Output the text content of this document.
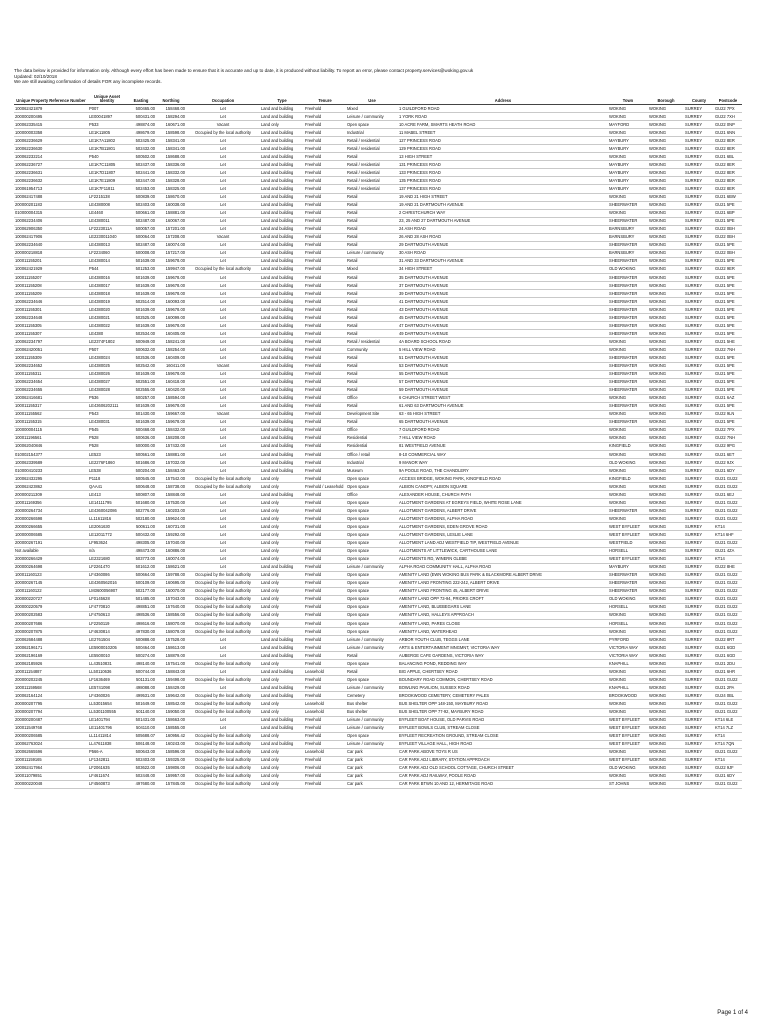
The data below is provided for information only. Although every effort has been made to ensure that it is accurate and up to date, it is produced without liability. To report an error, please contact property.services@woking.gov.uk
Updated: 02/10/2018
We are still awaiting confirmation of details FOR any incomplete records.
Unique Property Reference Number	Unique Asset Identity	Easting	Northing	Occupation	Type	Tenure	Use	Address	Town	Borough	County	Postcode
100062421879	P007	500465.00	158468.00	Let	Land and building	Freehold	Mixed	1 GUILDFORD ROAD	WOKING	WOKING	SURREY	GU22 7PX
200000200495	LE00041897	500431.00	158294.00	Let	Land and building	Freehold	Leisure / community	1 YORK ROAD	WOKING	WOKING	SURREY	GU22 7XH
100062335415	P533	498874.00	160671.00	Vacant	Land only	Freehold	Open space	10 ACRE FARM, SMARTS HEATH ROAD	MAYFORD	WOKING	SURREY	GU22 0NP
100000003358	LE1K11805	498679.00	158598.00	Occupied by the local authority	Land and building	Freehold	Industrial	11 MABEL STREET	WOKING	WOKING	SURREY	GU21 6NN
100062236629	LE1K7A11802	502425.00	158341.00	Let	Land and building	Freehold	Retail / residential	127 PRINCESS ROAD	MAYBURY	WOKING	SURREY	GU22 8ER
100062236630	LE1K7B11801	502432.00	158341.00	Let	Land and building	Freehold	Retail / residential	129 PRINCESS ROAD	MAYBURY	WOKING	SURREY	GU22 8ER
100062232214	P540	500502.00	158688.00	Let	Land and building	Freehold	Retail	13 HIGH STREET	WOKING	WOKING	SURREY	GU21 6BL
100062236727	LE1K7C11805	502437.00	158336.00	Let	Land and building	Freehold	Retail / residential	131 PRINCESS ROAD	MAYBURY	WOKING	SURREY	GU22 8ER
100062236631	LE1K7D11807	502441.00	158332.00	Let	Land and building	Freehold	Retail / residential	133 PRINCESS ROAD	MAYBURY	WOKING	SURREY	GU22 8ER
100062236632	LE1K7E11809	502447.00	158328.00	Let	Land and building	Freehold	Retail / residential	135 PRINCESS ROAD	MAYBURY	WOKING	SURREY	GU22 8ER
100061954713	LE1K7F11811	502453.00	158325.00	Let	Land and building	Freehold	Retail / residential	137 PRINCESS ROAD	MAYBURY	WOKING	SURREY	GU22 8ER
100062417488	LF2215138	500839.00	158670.00	Let	Land and building	Freehold	Retail	19 AND 21 HIGH STREET	WOKING	WOKING	SURREY	GU21 6BW
200000201183	LE4380008	502403.00	160038.00	Let	Land and building	Freehold	Retail	19 AND 21 DARTMOUTH AVENUE	SHEERWATER	WOKING	SURREY	GU21 5PE
010000004315	LE4460	500661.00	158881.00	Let	Land and building	Freehold	Retail	2 CHRISTCHURCH WAY	WOKING	WOKING	SURREY	GU21 6BP
100062234406	LE4380011	502487.00	160067.00	Let	Land and building	Freehold	Retail	23, 25 AND 27 DARTMOUTH AVENUE	SHEERWATER	WOKING	SURREY	GU21 5PE
100062906350	LF2223011A	500057.00	157201.00	Let	Land and building	Freehold	Retail	24 ASH ROAD	BARNSBURY	WOKING	SURREY	GU22 0BH
100062417906	LE2230011040	500064.00	157208.00	Vacant	Land and building	Freehold	Retail	26 AND 28 ASH ROAD	BARNSBURY	WOKING	SURREY	GU22 0BH
100062234640	LE4380013	502487.00	160074.00	Let	Land and building	Freehold	Retail	29 DARTMOUTH AVENUE	SHEERWATER	WOKING	SURREY	GU21 5PE
200000218818	LF2234060	500008.00	157217.00	Let	Land and building	Freehold	Leisure / community	30 ASH ROAD	BARNSBURY	WOKING	SURREY	GU22 0BH
100011155201	LE4380014	501639.00	159678.00	Let	Land and building	Freehold	Retail	31 AND 33 DARTMOUTH AVENUE	SHEERWATER	WOKING	SURREY	GU21 5PE
100062421929	P544	501253.00	159947.00	Occupied by the local authority	Land and building	Freehold	Mixed	34 HIGH STREET	OLD WOKING	WOKING	SURREY	GU22 9ER
100011155207	LE4380016	501639.00	159678.00	Let	Land and building	Freehold	Retail	35 DARTMOUTH AVENUE	SHEERWATER	WOKING	SURREY	GU21 5PE
100011155208	LE4380017	501639.00	159678.00	Let	Land and building	Freehold	Retail	37 DARTMOUTH AVENUE	SHEERWATER	WOKING	SURREY	GU21 5PE
100011155209	LE4380018	501639.00	159678.00	Let	Land and building	Freehold	Retail	39 DARTMOUTH AVENUE	SHEERWATER	WOKING	SURREY	GU21 5PE
100062234646	LE4380019	502514.00	160093.00	Let	Land and building	Freehold	Retail	41 DARTMOUTH AVENUE	SHEERWATER	WOKING	SURREY	GU21 5PE
100011155301	LE4380020	501639.00	159678.00	Let	Land and building	Freehold	Retail	43 DARTMOUTH AVENUE	SHEERWATER	WOKING	SURREY	GU21 5PE
100062234648	LE4380021	502525.00	160099.00	Let	Land and building	Freehold	Retail	45 DARTMOUTH AVENUE	SHEERWATER	WOKING	SURREY	GU21 5PE
100011155305	LE4380022	501639.00	159678.00	Let	Land and building	Freehold	Retail	47 DARTMOUTH AVENUE	SHEERWATER	WOKING	SURREY	GU21 5PE
100011155307	LE4380	502534.00	160405.00	Let	Land and building	Freehold	Retail	49 DARTMOUTH AVENUE	SHEERWATER	WOKING	SURREY	GU21 5PE
100062234797	LE2374F1802	500949.00	158241.00	Let	Land and building	Freehold	Retail / residential	4A BOARD SCHOOL ROAD	WOKING	WOKING	SURREY	GU21 5HE
100062420051	P507	500632.00	158254.00	Let	Land and building	Freehold	Community	5 HILL VIEW ROAD	WOKING	WOKING	SURREY	GU22 7NH
100011155309	LE4380024	502536.00	160409.00	Let	Land and building	Freehold	Retail	51 DARTMOUTH AVENUE	SHEERWATER	WOKING	SURREY	GU21 5PE
100062234652	LE4380025	502542.00	160411.00	Vacant	Land and building	Freehold	Retail	53 DARTMOUTH AVENUE	SHEERWATER	WOKING	SURREY	GU21 5PE
100011155311	LE4380026	501639.00	159678.00	Let	Land and building	Freehold	Retail	55 DARTMOUTH AVENUE	SHEERWATER	WOKING	SURREY	GU21 5PE
100062234654	LE4380027	502551.00	160418.00	Let	Land and building	Freehold	Retail	57 DARTMOUTH AVENUE	SHEERWATER	WOKING	SURREY	GU21 5PE
100062234655	LE4380028	502555.00	160420.00	Let	Land and building	Freehold	Retail	59 DARTMOUTH AVENUE	SHEERWATER	WOKING	SURREY	GU21 5PE
100062416681	P536	500257.00	158594.00	Let	Land and building	Freehold	Office	6 CHURCH STREET WEST	WOKING	WOKING	SURREY	GU21 6AZ
100011155317	LE43606202111	501639.00	159678.00	Let	Land and building	Freehold	Retail	61 AND 63 DARTMOUTH AVENUE	SHEERWATER	WOKING	SURREY	GU21 5PE
100011155562	P543	501430.00	159667.00	Vacant	Land and building	Freehold	Development Site	63 - 65 HIGH STREET	WOKING	WOKING	SURREY	GU22 9LN
100011155315	LE4380031	501639.00	159678.00	Let	Land and building	Freehold	Retail	65 DARTMOUTH AVENUE	SHEERWATER	WOKING	SURREY	GU21 5PE
100000004115	P545	500468.00	158432.00	Let	Land and building	Freehold	Office	7 GUILDFORD ROAD	WOKING	WOKING	SURREY	GU22 7PX
100011196561	P528	500636.00	158208.00	Let	Land and building	Freehold	Residential	7 HILL VIEW ROAD	WOKING	WOKING	SURREY	GU22 7NH
100062040846	P528	500000.00	157432.00	Let	Land and building	Freehold	Residential	81 WESTFIELD AVENUE	KINGFIELD	WOKING	SURREY	GU22 9PG
010002154377	LE523	500561.00	158881.00	Let	Land and building	Freehold	Office / retail	8-10 COMMERCIAL WAY	WOKING	WOKING	SURREY	GU21 6ET
100062339589	LE2276F1860	501686.00	157032.00	Let	Land and building	Freehold	Industrial	9 MANOR WAY	OLD WOKING	WOKING	SURREY	GU22 9JX
010000410233	LE538	500204.00	158463.00	Let	Land and building	Freehold	Museum	9A POOLE ROAD, THE CHANDLERY	WOKING	WOKING	SURREY	GU21 6DY
100062432295	P1118	500545.00	157542.00	Occupied by the local authority	Land only	Freehold	Open space	ACCESS BRIDGE, WOKING PARK, KINGFIELD ROAD	KINGFIELD	WOKING	SURREY	GU21 GU22
100062423862	QAA41	500648.00	158738.00	Occupied by the local authority	Land only	Freehold / Leasehold	Open space	ALBION CANOPY, ALBION SQUARE	WOKING	WOKING	SURREY	GU21 GU22
200000211309	LE413	500807.00	158848.00	Let	Land and building	Freehold	Office	ALEXANDER HOUSE, CHURCH PATH	WOKING	WOKING	SURREY	GU21 6EJ
100011169356	LE14111795	501680.00	157530.00	Let	Land only	Freehold	Open space	ALLOTMENT GARDENS AT EGREYS FIELD, WHITE ROSE LANE	WOKING	WOKING	SURREY	GU21 GU22
200000264734	LE4360042086	502776.00	160203.00	Let	Land only	Freehold	Open space	ALLOTMENT GARDENS, ALBERT DRIVE	SHEERWATER	WOKING	SURREY	GU21 GU22
200000266598	LL11611816	502180.00	159624.00	Let	Land only	Freehold	Open space	ALLOTMENT GARDENS, ALPHA ROAD	WOKING	WOKING	SURREY	GU21 GU22
200000266655	LE2061630	500611.00	160731.00	Let	Land only	Freehold	Open space	ALLOTMENT GARDENS, EDEN GROVE ROAD	WEST BYFLEET	WOKING	SURREY	KT14
100000006585	LE12011772	500432.00	159292.00	Let	Land only	Freehold	Open space	ALLOTMENT GARDENS, LESLIE LANE	WEST BYFLEET	WOKING	SURREY	KT14 6HF
200000267191	LF953624	498305.00	157040.00	Let	Land only	Freehold	Open space	ALLOTMENT LAND ADJ WESTFIELD TIP, WESTFIELD AVENUE	WESTFIELD	WOKING	SURREY	GU21 GU22
Not available	n/a	498473.00	160886.00	Let	Land only	Freehold	Open space	ALLOTMENTS AT LITTLEWICK, CARTHOUSE LANE	HORSELL	WOKING	SURREY	GU21 4ZA
200000266429	LE2321680	503773.00	160074.00	Let	Land only	Freehold	Open space	ALLOTMENTS RD, WINERN GLEBE	WEST BYFLEET	WOKING	SURREY	KT14
200000264698	LF2261470	501612.00	158621.00	Let	Land and building	Freehold	Leisure / community	ALPHA ROAD COMMUNITY HALL, ALPHA ROAD	MAYBURY	WOKING	SURREY	GU22 8HE
100011160123	LF4360086	500664.00	159788.00	Occupied by the local authority	Land only	Freehold	Open space	AMENITY LAND (EWN WOKING BUS PARK & BLACKMORE ALBERT DRIVE	SHEERWATER	WOKING	SURREY	GU21 GU22
200000267145	LE4360562016	500109.00	160695.00	Occupied by the local authority	Land only	Freehold	Open space	AMENITY LAND FRONTING 222-242, ALBERT DRIVE	SHEERWATER	WOKING	SURREY	GU21 GU22
100011160122	LM3600056907	502177.00	160070.00	Occupied by the local authority	Land only	Freehold	Open space	AMENITY LAND FRONTING 45, ALBERT DRIVE	SHEERWATER	WOKING	SURREY	GU21 GU22
200000220727	LF0145628	501485.00	157043.00	Occupied by the local authority	Land only	Freehold	Open space	AMENITY LAND OPP 73-94, PRIORS CROFT	OLD WOKING	WOKING	SURREY	GU21 GU22
200000220579	LF4770810	498851.00	157640.00	Occupied by the local authority	Land only	Freehold	Open space	AMENITY LAND, BLUEBEGARS LANE	HORSELL	WOKING	SURREY	GU21 GU22
200000202583	LF4750613	498536.00	158556.00	Occupied by the local authority	Land only	Freehold	Open space	AMENITY LAND, HALLEYS APPROACH	WOKING	WOKING	SURREY	GU21 GU22
200000207686	LF2250119	498616.00	158070.00	Occupied by the local authority	Land only	Freehold	Open space	AMENITY LAND, PARES CLOSE	HORSELL	WOKING	SURREY	GU21 GU22
200000207875	LF4630814	497830.00	158078.00	Occupied by the local authority	Land only	Freehold	Open space	AMENITY LAND, WATERHEAD	WOKING	WOKING	SURREY	GU21 GU22
100062684488	LE2761504	500888.00	157528.00	Let	Land and building	Freehold	Leisure / community	ARBOR YOUTH CLUB, TEGGS LANE	PYRFORD	WOKING	SURREY	GU22 8RT
100062196171	LE5900010205	500464.00	158613.00	Let	Land and building	Freehold	Leisure / community	ARTS & ENTERTAINMENT MNGMNT, VICTORIA WAY	VICTORIA WAY	WOKING	SURREY	GU21 6GD
100062196169	LE5500010	500274.00	158879.00	Let	Land and building	Freehold	Retail	AUBERGE CAFE GARDENS, VICTORIA WAY	VICTORIA WAY	WOKING	SURREY	GU21 6GD
100062185926	LL43510831	498140.00	157541.00	Occupied by the local authority	Land only	Freehold	Open space	BALANCING POND, REDDING WAY	KNAPHILL	WOKING	SURREY	GU21 2DU
100011154887	LL50110636	500744.00	158843.00	Let	Land and building	Leasehold	Retail	BIG APPLE, CHERTSEY ROAD	WOKING	WOKING	SURREY	GU21 6HR
200000202245	LF1636469	501131.00	159498.00	Occupied by the local authority	Land only	Freehold	Open space	BOUNDARY ROAD COMMON, CHERTSEY ROAD	WOKING	WOKING	SURREY	GU21 GU22
100011159568	LE5741098	498088.00	158429.00	Let	Land and building	Freehold	Leisure / community	BOWLING PAVILION, SUSSEX ROAD	KNAPHILL	WOKING	SURREY	GU21 2PA
100062164124	LF4360026	499531.00	159642.00	Occupied by the local authority	Land and building	Freehold	Cemetery	BROOKWOOD CEMETERY, CEMETERY PALES	BROOKWOOD	WOKING	SURREY	GU24 0BL
200000207795	LL53015654	501649.00	158542.00	Occupied by the local authority	Land only	Leasehold	Bus shelter	BUS SHELTER OPP 148-150, MAYBURY ROAD	WOKING	WOKING	SURREY	GU21 GU22
200000207794	LL5301100555	501140.00	159050.00	Occupied by the local authority	Land only	Leasehold	Bus shelter	BUS SHELTER OPP 77-92, MAYBURY ROAD	WOKING	WOKING	SURREY	GU21 GU22
200000200487	LE1401794	501431.00	158663.00	Let	Land and building	Freehold	Leisure / community	BYFLEET BOAT HOUSE, OLD PARVIS ROAD	WEST BYFLEET	WOKING	SURREY	KT14 6LE
100011549768	LE11401796	504110.00	158555.00	Let	Land and building	Freehold	Leisure / community	BYFLEET BOWLS CLUB, STREAM CLOSE	WEST BYFLEET	WOKING	SURREY	KT14 7LZ
200000206585	LL11411814	505688.07	160956.42	Occupied by the local authority	Land only	Freehold	Open space	BYFLEET RECREATION GROUND, STREAM CLOSE	WEST BYFLEET	WOKING	SURREY	KT14
100062763024	LL47611838	506148.00	160243.00	Occupied by the local authority	Land and building	Freehold	Leisure / community	BYFLEET VILLAGE HALL, HIGH ROAD	WEST BYFLEET	WOKING	SURREY	KT14 7QN
100062665596	P566-A	500643.00	158596.00	Occupied by the local authority	Land only	Leasehold	Car park	CAR PARK ABOVE TOYS R US	WOKING	WOKING	SURREY	GU21 GU22
100011159165	LF1342811	502403.00	159325.00	Occupied by the local authority	Land only	Freehold	Car park	CAR PARK ADJ LIBRARY, STATION APPROACH	WEST BYFLEET	WOKING	SURREY	KT14
100062417964	LF2061635	503622.00	159806.00	Occupied by the local authority	Land only	Freehold	Car park	CAR PARK ADJ OLD SCHOOL COTTAGE, CHURCH STREET	OLD WOKING	WOKING	SURREY	GU22 9JF
100011079851	LF4611674	502448.00	159957.00	Occupied by the local authority	Land only	Freehold	Car park	CAR PARK ADJ RAILWAY, POOLE ROAD	WOKING	WOKING	SURREY	GU21 6DY
200000220048	LF4560873	497680.00	157845.00	Occupied by the local authority	Land only	Freehold	Car park	CAR PARK BTWN 10 AND 12, HERMITAGE ROAD	ST JOHNS	WOKING	SURREY	GU21 GU22
Page 1 of 4
